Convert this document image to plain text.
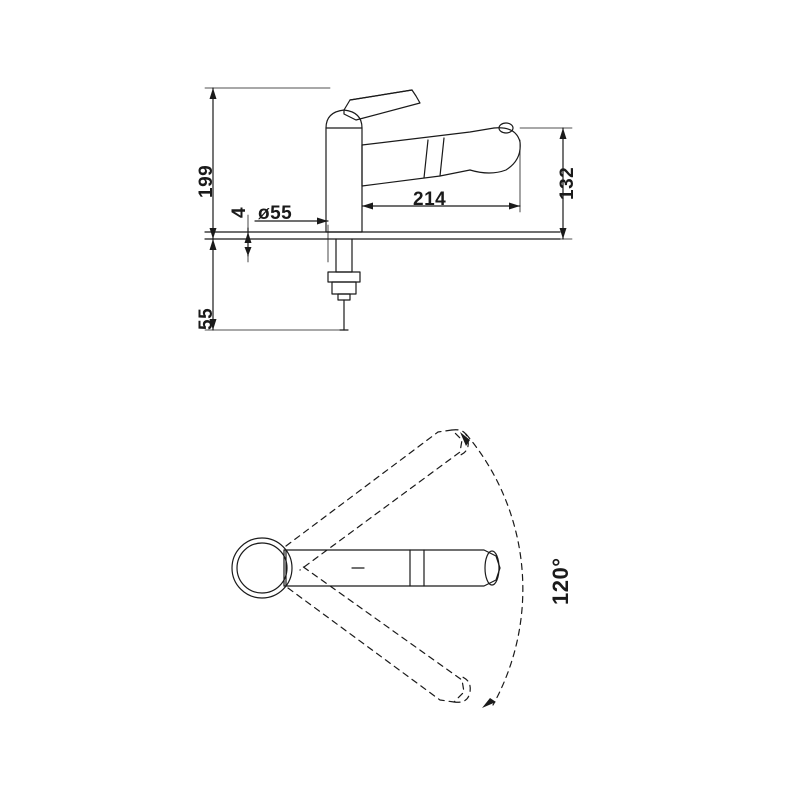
199	132
214
4 ø55
55
120°
